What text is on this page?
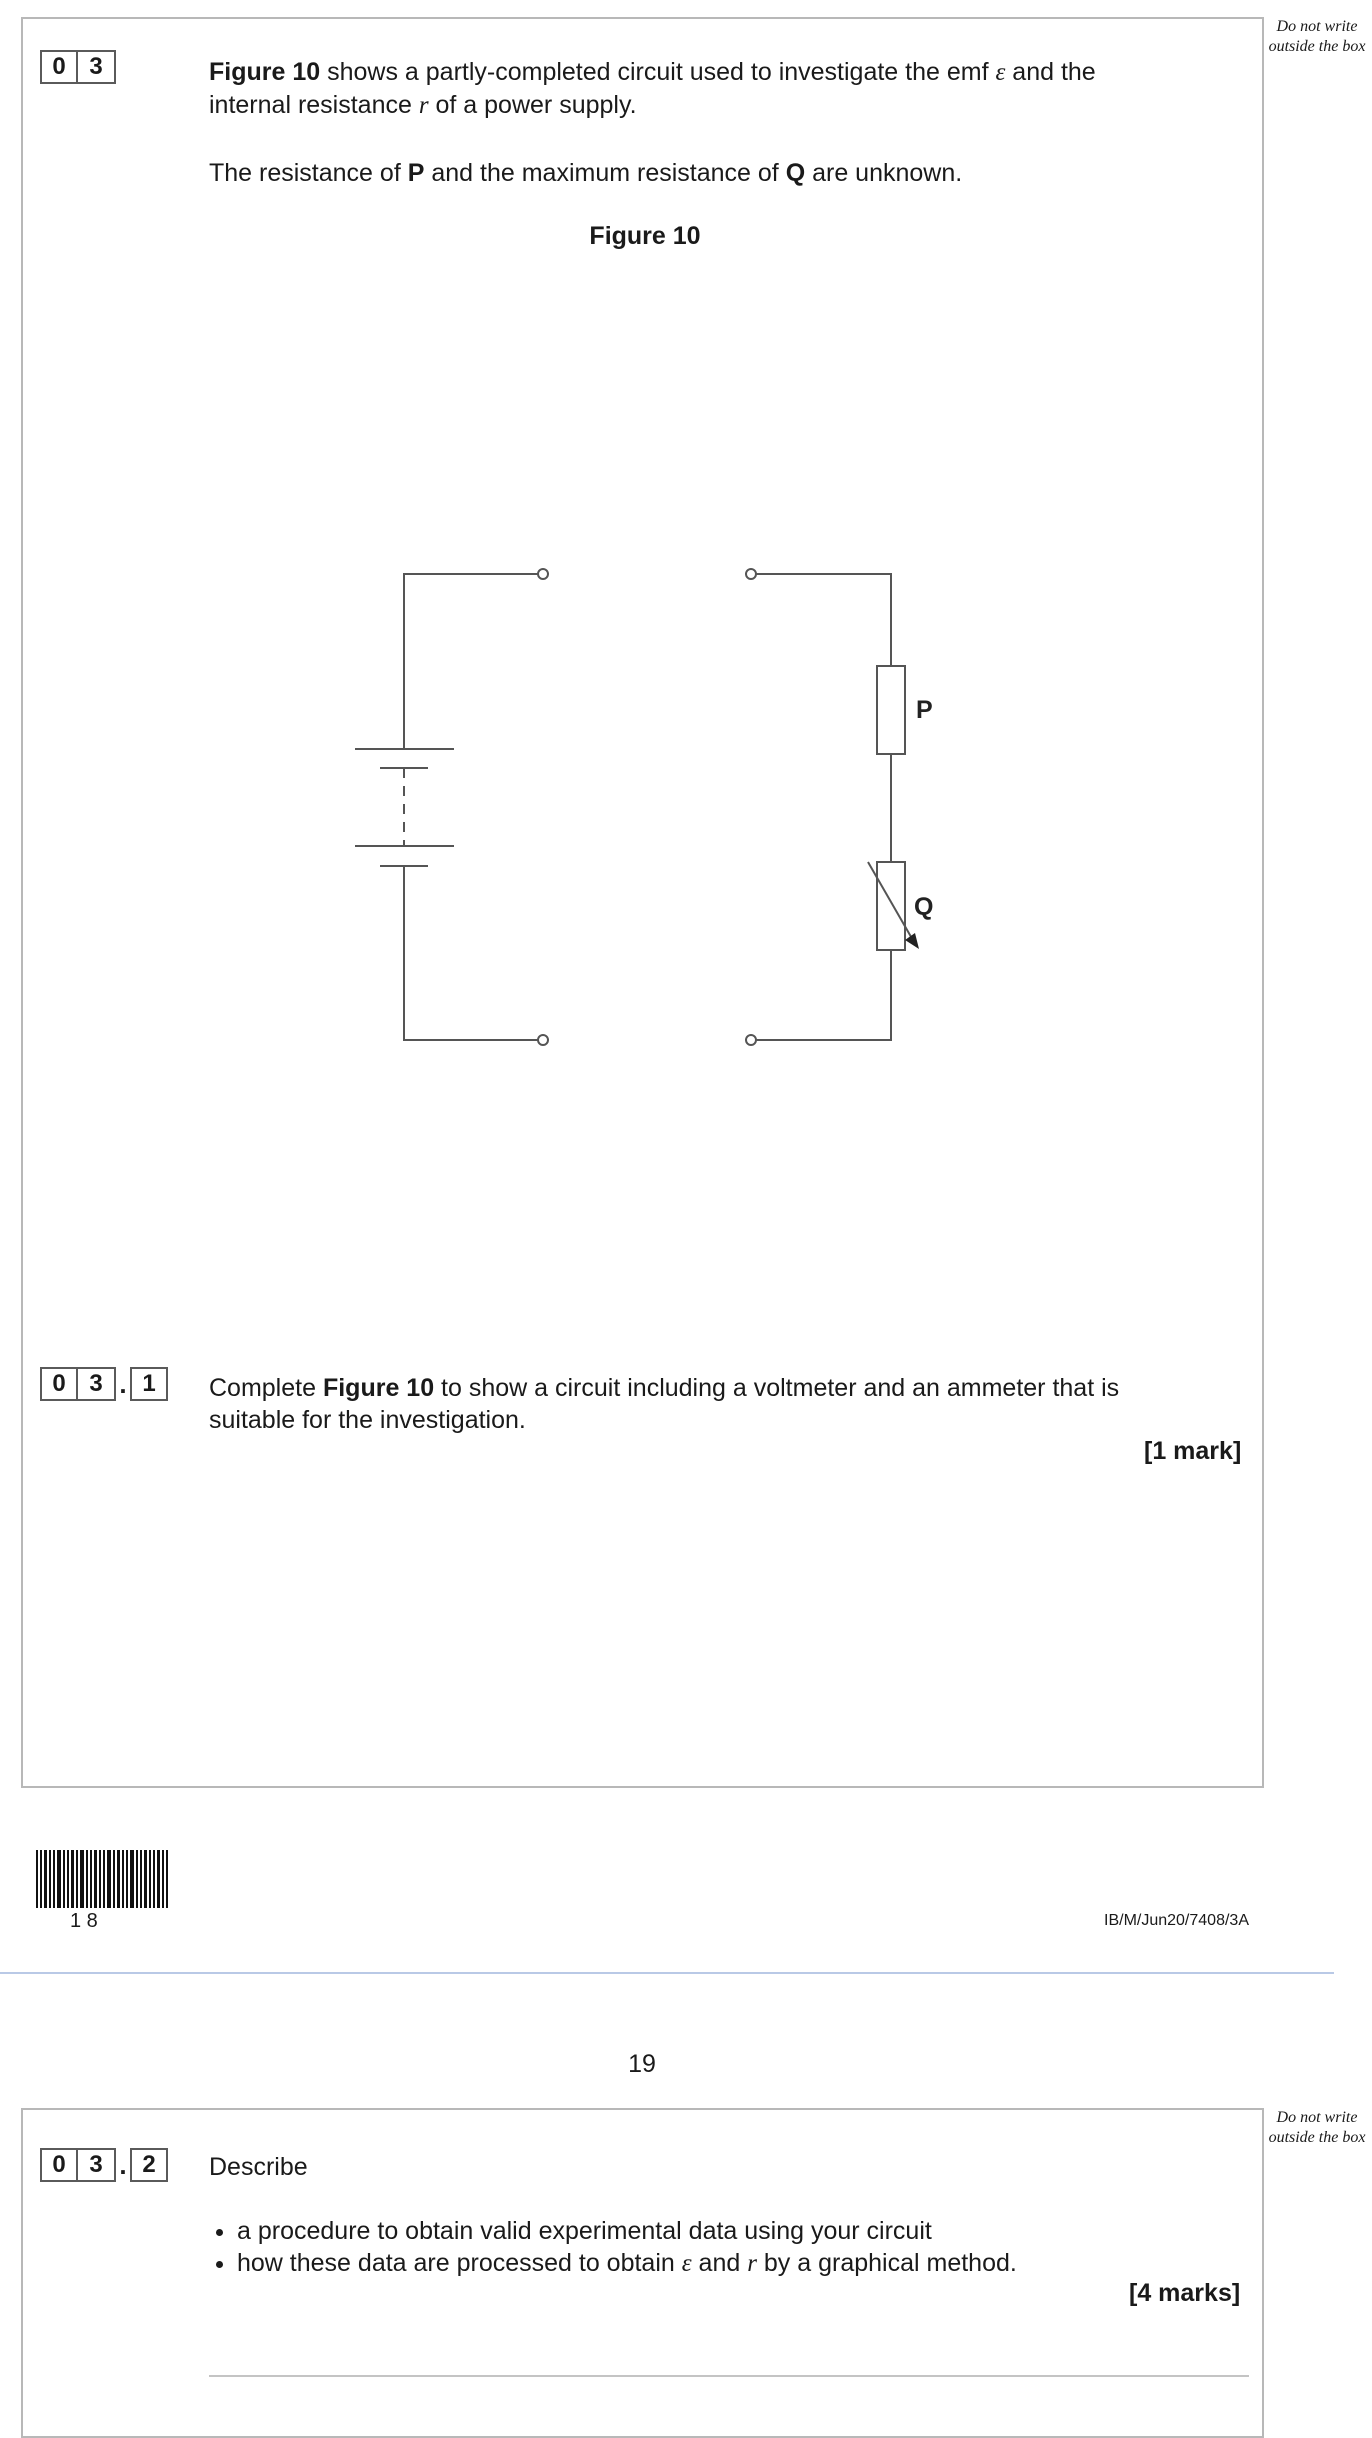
Do not write outside the box
0 3	Figure 10 shows a partly-completed circuit used to investigate the emf ε and the
internal resistance r of a power supply.
The resistance of P and the maximum resistance of Q are unknown.
Figure 10
P
Q
0 3 . 1	Complete Figure 10 to show a circuit including a voltmeter and an ammeter that is
suitable for the investigation.
[1 mark]
1 8	IB/M/Jun20/7408/3A
19
Do not write outside the box
0 3 . 2	Describe
• a procedure to obtain valid experimental data using your circuit
• how these data are processed to obtain ε and r by a graphical method.
[4 marks]
